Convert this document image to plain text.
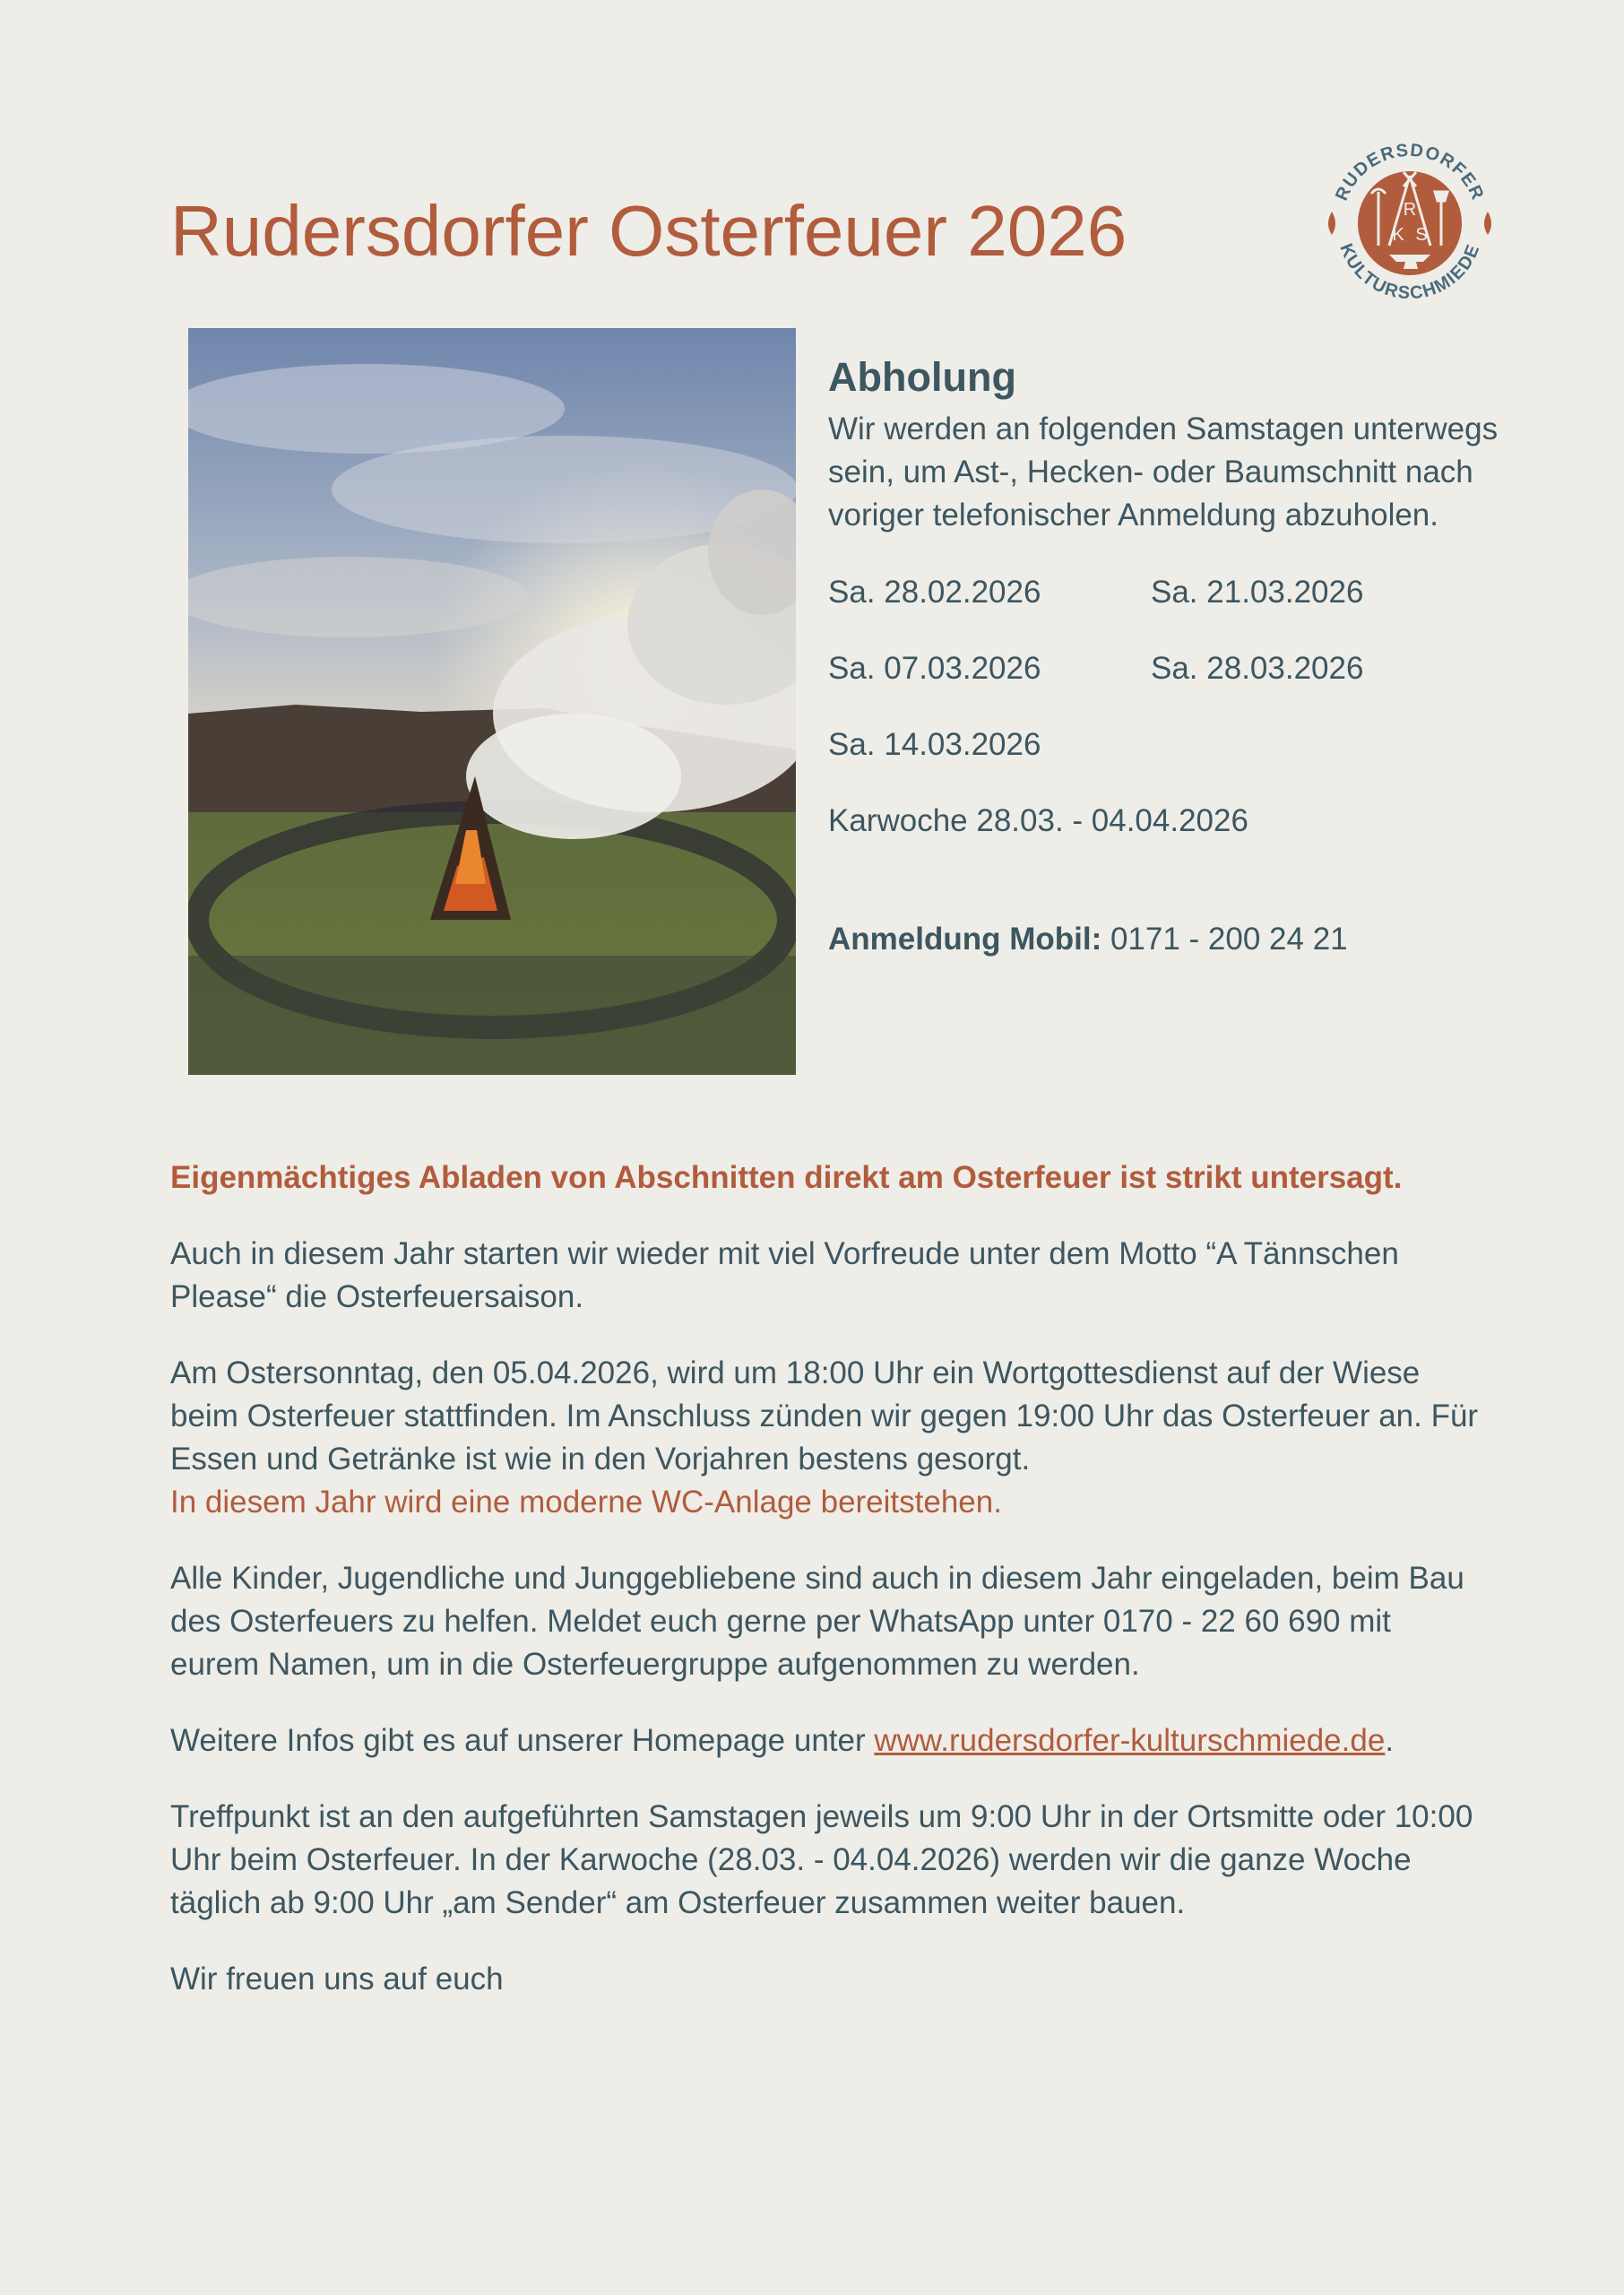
Rudersdorfer Osterfeuer 2026	RUDERSDORFER
KULTURSCHMIEDE
R
K S
Abholung

Wir werden an folgenden Samstagen unterwegs sein, um Ast-, Hecken- oder Baumschnitt nach voriger telefonischer Anmeldung abzuholen.

Sa. 28.02.2026	Sa. 21.03.2026
Sa. 07.03.2026	Sa. 28.03.2026
Sa. 14.03.2026
Karwoche 28.03. - 04.04.2026
Anmeldung Mobil: 0171 - 200 24 21

Eigenmächtiges Abladen von Abschnitten direkt am Osterfeuer ist strikt untersagt.

Auch in diesem Jahr starten wir wieder mit viel Vorfreude unter dem Motto “A Tännschen Please“ die Osterfeuersaison.

Am Ostersonntag, den 05.04.2026, wird um 18:00 Uhr ein Wortgottesdienst auf der Wiese beim Osterfeuer stattfinden. Im Anschluss zünden wir gegen 19:00 Uhr das Osterfeuer an. Für Essen und Getränke ist wie in den Vorjahren bestens gesorgt.
In diesem Jahr wird eine moderne WC-Anlage bereitstehen.

Alle Kinder, Jugendliche und Junggebliebene sind auch in diesem Jahr eingeladen, beim Bau des Osterfeuers zu helfen. Meldet euch gerne per WhatsApp unter 0170 - 22 60 690 mit eurem Namen, um in die Osterfeuergruppe aufgenommen zu werden.

Weitere Infos gibt es auf unserer Homepage unter www.rudersdorfer-kulturschmiede.de.

Treffpunkt ist an den aufgeführten Samstagen jeweils um 9:00 Uhr in der Ortsmitte oder 10:00 Uhr beim Osterfeuer. In der Karwoche (28.03. - 04.04.2026) werden wir die ganze Woche täglich ab 9:00 Uhr „am Sender“ am Osterfeuer zusammen weiter bauen.

Wir freuen uns auf euch
